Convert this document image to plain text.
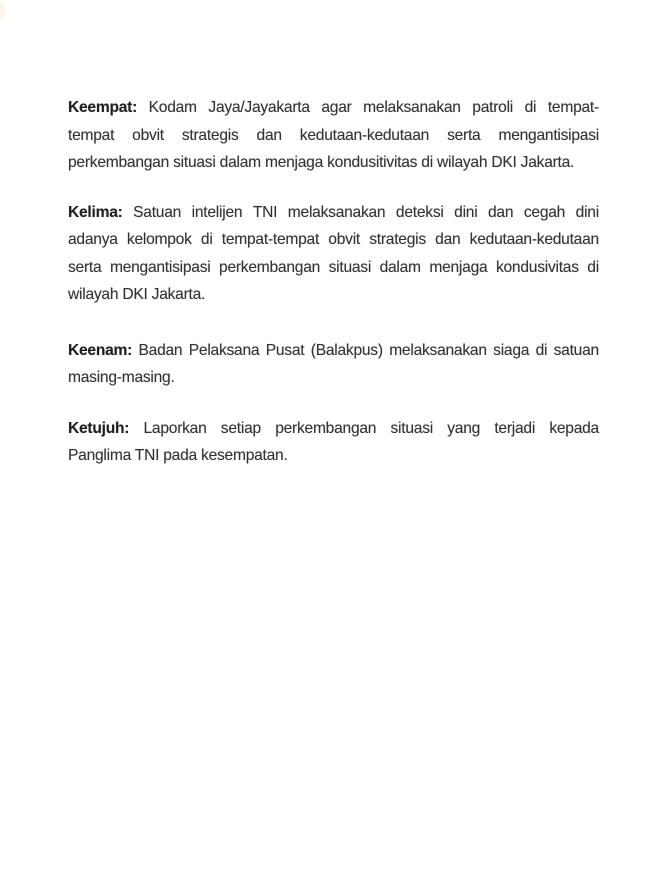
Keempat: Kodam Jaya/Jayakarta agar melaksanakan patroli di tempat-
tempat obvit strategis dan kedutaan-kedutaan serta mengantisipasi
perkembangan situasi dalam menjaga kondusitivitas di wilayah DKI Jakarta.
Kelima: Satuan intelijen TNI melaksanakan deteksi dini dan cegah dini
adanya kelompok di tempat-tempat obvit strategis dan kedutaan-kedutaan
serta mengantisipasi perkembangan situasi dalam menjaga kondusivitas di
wilayah DKI Jakarta.
Keenam: Badan Pelaksana Pusat (Balakpus) melaksanakan siaga di satuan
masing-masing.
Ketujuh: Laporkan setiap perkembangan situasi yang terjadi kepada
Panglima TNI pada kesempatan.
